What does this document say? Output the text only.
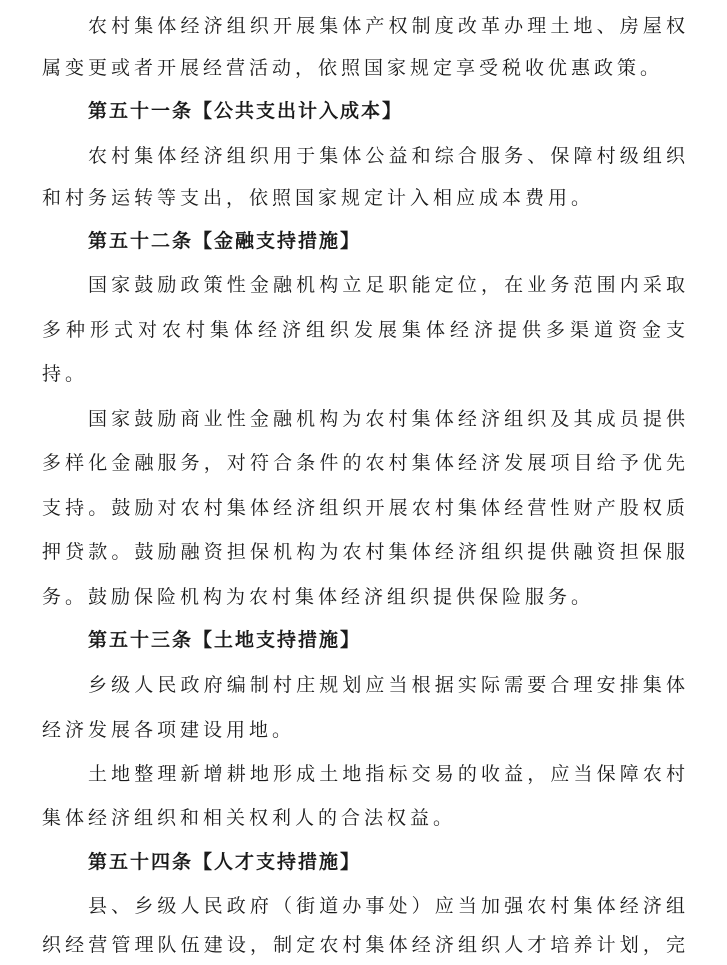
农村集体经济组织开展集体产权制度改革办理土地、房屋权
属变更或者开展经营活动，依照国家规定享受税收优惠政策。
第五十一条【公共支出计入成本】
农村集体经济组织用于集体公益和综合服务、保障村级组织
和村务运转等支出，依照国家规定计入相应成本费用。
第五十二条【金融支持措施】
国家鼓励政策性金融机构立足职能定位，在业务范围内采取
多种形式对农村集体经济组织发展集体经济提供多渠道资金支
持。
国家鼓励商业性金融机构为农村集体经济组织及其成员提供
多样化金融服务，对符合条件的农村集体经济发展项目给予优先
支持。鼓励对农村集体经济组织开展农村集体经营性财产股权质
押贷款。鼓励融资担保机构为农村集体经济组织提供融资担保服
务。鼓励保险机构为农村集体经济组织提供保险服务。
第五十三条【土地支持措施】
乡级人民政府编制村庄规划应当根据实际需要合理安排集体
经济发展各项建设用地。
土地整理新增耕地形成土地指标交易的收益，应当保障农村
集体经济组织和相关权利人的合法权益。
第五十四条【人才支持措施】
县、乡级人民政府（街道办事处）应当加强农村集体经济组
织经营管理队伍建设，制定农村集体经济组织人才培养计划，完
